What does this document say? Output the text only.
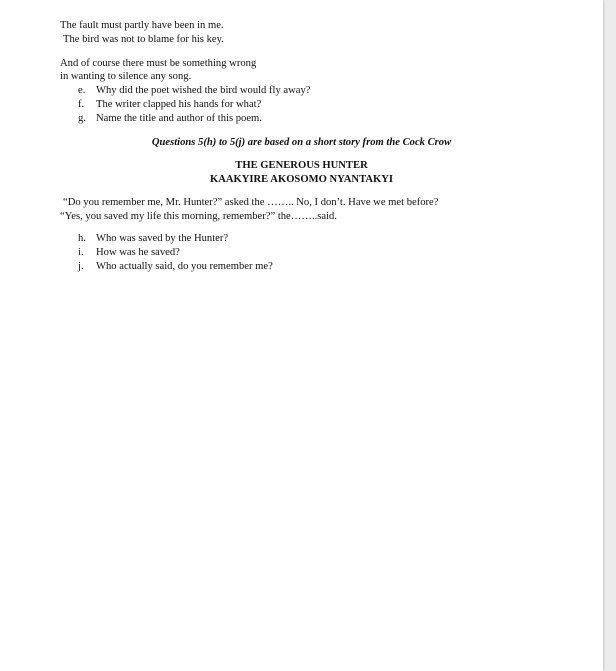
The fault must partly have been in me.
The bird was not to blame for his key.
And of course there must be something wrong
in wanting to silence any song.
e.	Why did the poet wished the bird would fly away?
f.	The writer clapped his hands for what?
g. Name the title and author of this poem.
Questions 5(h) to 5(j) are based on a short story from the Cock Crow
THE GENEROUS HUNTER
KAAKYIRE AKOSOMO NYANTAKYI
“Do you remember me, Mr. Hunter?” asked the …….. No, I don’t. Have we met before?
“Yes, you saved my life this morning, remember?” the……..said.
h. Who was saved by the Hunter?
i.	How was he saved?
j.	Who actually said, do you remember me?
